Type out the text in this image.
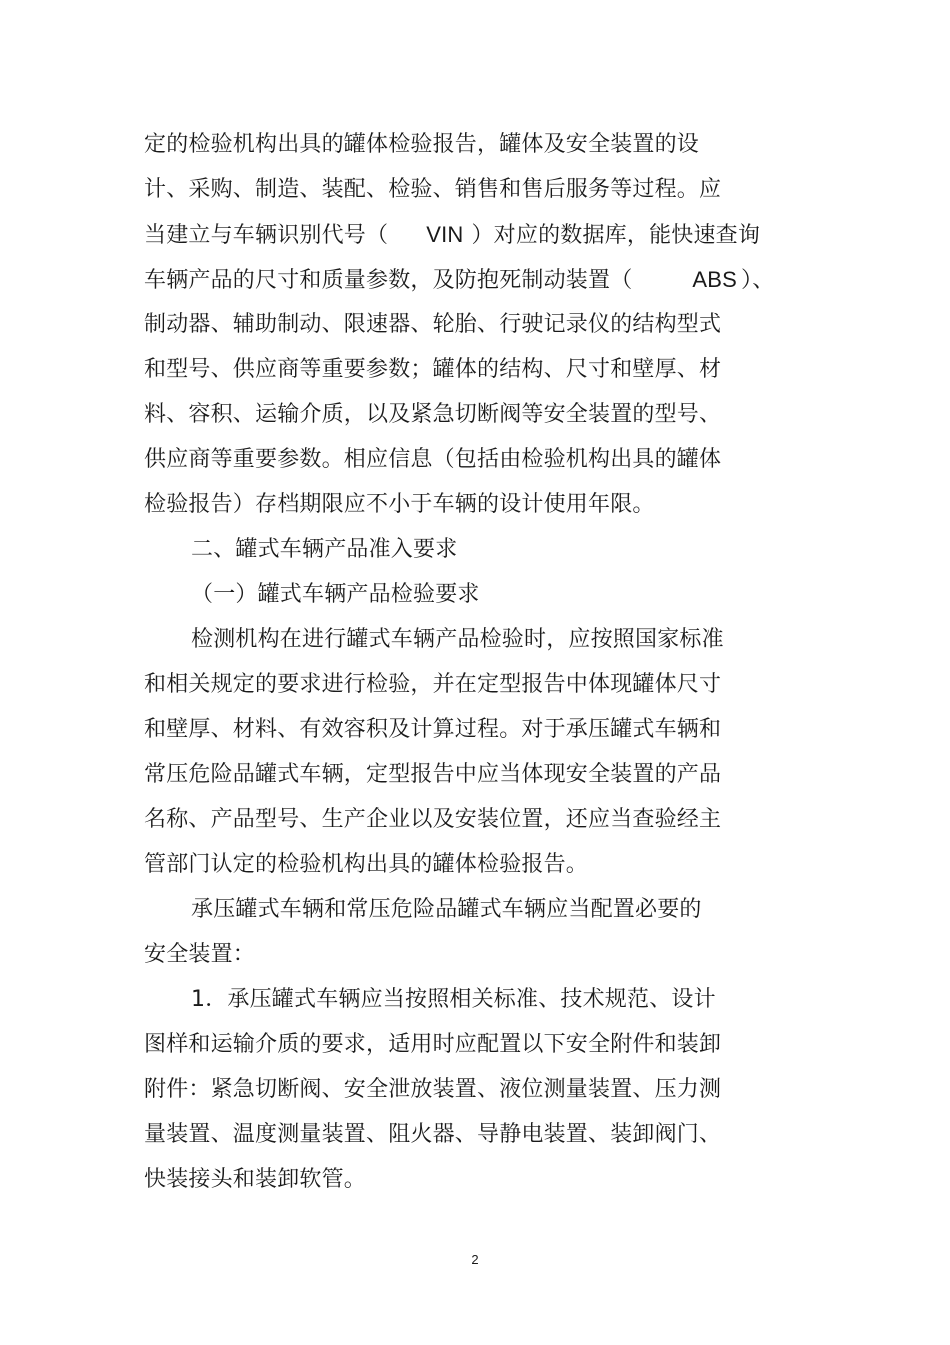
定的检验机构出具的罐体检验报告，罐体及安全装置的设
计、采购、制造、装配、检验、销售和售后服务等过程。应
当建立与车辆识别代号（ VIN ）对应的数据库，能快速查询
车辆产品的尺寸和质量参数，及防抱死制动装置（	ABS ）、
制动器、辅助制动、限速器、轮胎、行驶记录仪的结构型式
和型号、供应商等重要参数；罐体的结构、尺寸和壁厚、材
料、容积、运输介质，以及紧急切断阀等安全装置的型号、
供应商等重要参数。相应信息（包括由检验机构出具的罐体
检验报告）存档期限应不小于车辆的设计使用年限。
二、罐式车辆产品准入要求
（一）罐式车辆产品检验要求
检测机构在进行罐式车辆产品检验时，应按照国家标准
和相关规定的要求进行检验，并在定型报告中体现罐体尺寸
和壁厚、材料、有效容积及计算过程。对于承压罐式车辆和
常压危险品罐式车辆，定型报告中应当体现安全装置的产品
名称、产品型号、生产企业以及安装位置，还应当查验经主
管部门认定的检验机构出具的罐体检验报告。
承压罐式车辆和常压危险品罐式车辆应当配置必要的
安全装置：
1．承压罐式车辆应当按照相关标准、技术规范、设计
图样和运输介质的要求，适用时应配置以下安全附件和装卸
附件：紧急切断阀、安全泄放装置、液位测量装置、压力测
量装置、温度测量装置、阻火器、导静电装置、装卸阀门、
快装接头和装卸软管。
2
